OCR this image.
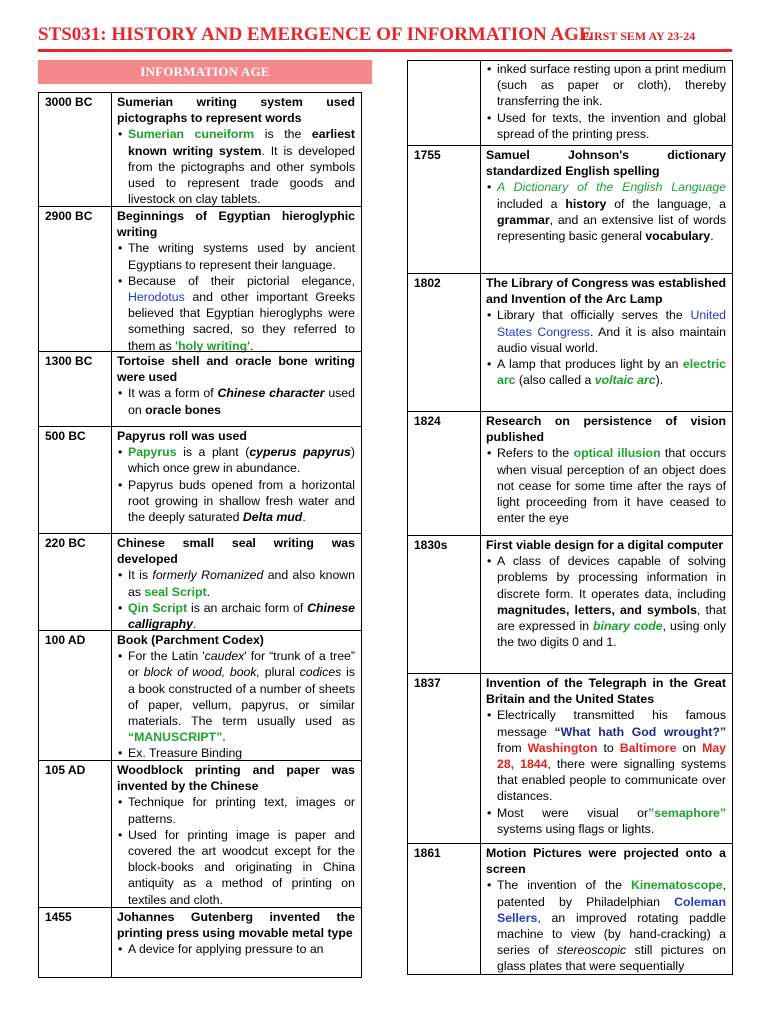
STS031: HISTORY AND EMERGENCE OF INFORMATION AGE
FIRST SEM AY 23-24
INFORMATION AGE
3000 BC Sumerian writing system used pictographs to represent words
• Sumerian cuneiform is the earliest known writing system. It is developed from the pictographs and other symbols used to represent trade goods and livestock on clay tablets.
2900 BC Beginnings of Egyptian hieroglyphic writing
• The writing systems used by ancient Egyptians to represent their language.
• Because of their pictorial elegance, Herodotus and other important Greeks believed that Egyptian hieroglyphs were something sacred, so they referred to them as 'holy writing'.
1300 BC Tortoise shell and oracle bone writing were used
• It was a form of Chinese character used on oracle bones
500 BC	Papyrus roll was used
• Papyrus is a plant (cyperus papyrus) which once grew in abundance.
• Papyrus buds opened from a horizontal root growing in shallow fresh water and the deeply saturated Delta mud.
220 BC	Chinese small seal writing was developed
• It is formerly Romanized and also known as seal Script.
• Qin Script is an archaic form of Chinese calligraphy.
100 AD	Book (Parchment Codex)
• For the Latin 'caudex' for “trunk of a tree” or block of wood, book, plural codices is a book constructed of a number of sheets of paper, vellum, papyrus, or similar materials. The term usually used as “MANUSCRIPT”.
• Ex. Treasure Binding
105 AD	Woodblock printing and paper was invented by the Chinese
• Technique for printing text, images or patterns.
• Used for printing image is paper and covered the art woodcut except for the block-books and originating in China antiquity as a method of printing on textiles and cloth.
1455	Johannes Gutenberg invented the printing press using movable metal type
• A device for applying pressure to an
• inked surface resting upon a print medium (such as paper or cloth), thereby transferring the ink.
• Used for texts, the invention and global spread of the printing press.
1755	Samuel Johnson's dictionary standardized English spelling
• A Dictionary of the English Language included a history of the language, a grammar, and an extensive list of words representing basic general vocabulary.
1802	The Library of Congress was established and Invention of the Arc Lamp
• Library that officially serves the United States Congress. And it is also maintain audio visual world.
• A lamp that produces light by an electric arc (also called a voltaic arc).
1824	Research on persistence of vision published
• Refers to the optical illusion that occurs when visual perception of an object does not cease for some time after the rays of light proceeding from it have ceased to enter the eye
1830s	First viable design for a digital computer
• A class of devices capable of solving problems by processing information in discrete form. It operates data, including magnitudes, letters, and symbols, that are expressed in binary code, using only the two digits 0 and 1.
1837	Invention of the Telegraph in the Great Britain and the United States
• Electrically transmitted his famous message “What hath God wrought?” from Washington to Baltimore on May 28, 1844, there were signalling systems that enabled people to communicate over distances.
• Most were visual or”semaphore” systems using flags or lights.
1861	Motion Pictures were projected onto a screen
• The invention of the Kinematoscope, patented by Philadelphian Coleman Sellers, an improved rotating paddle machine to view (by hand-cracking) a series of stereoscopic still pictures on glass plates that were sequentially
